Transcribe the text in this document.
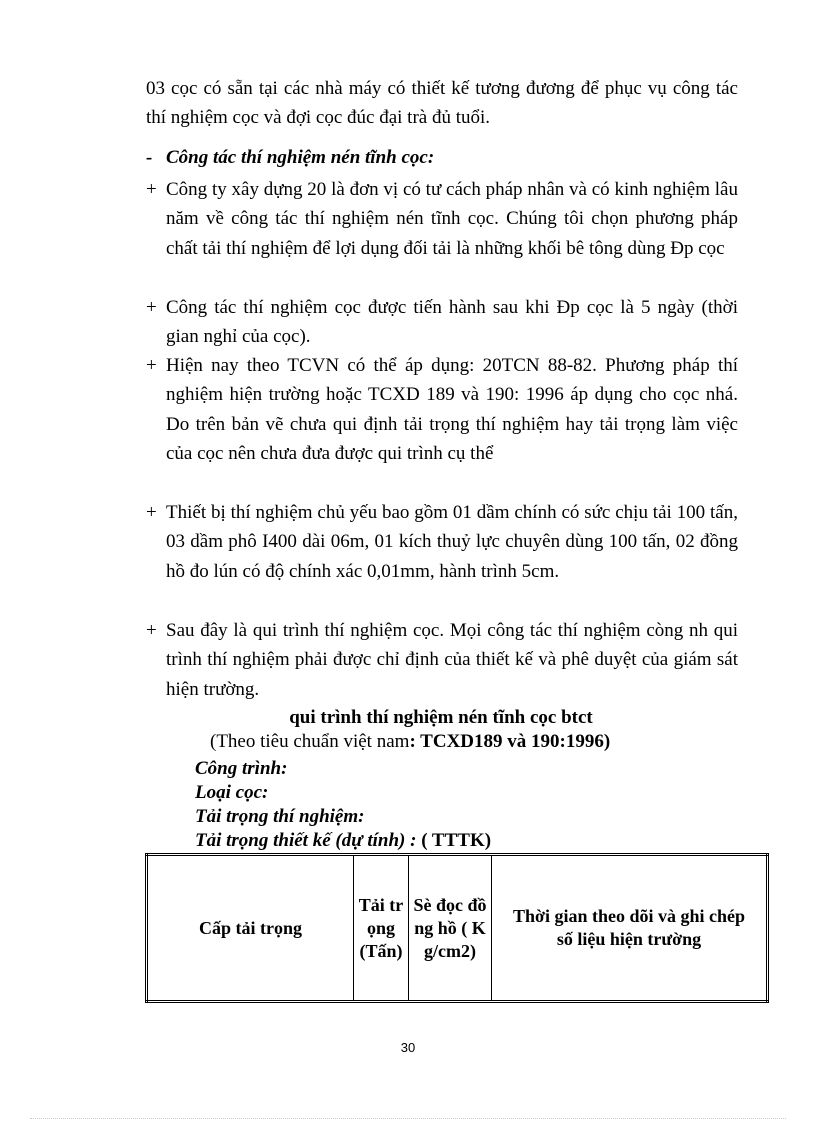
03 cọc có sẵn tại các nhà máy có thiết kế tương đương để phục vụ công tác thí nghiệm cọc và đợi cọc đúc đại trà đủ tuổi.

- Công tác thí nghiệm nén tĩnh cọc:
+ Công ty xây dựng 20 là đơn vị có tư cách pháp nhân và có kinh nghiệm lâu năm về công tác thí nghiệm nén tĩnh cọc. Chúng tôi chọn phương pháp chất tải thí nghiệm để lợi dụng đối tải là những khối bê tông dùng Đp cọc
+ Công tác thí nghiệm cọc được tiến hành sau khi Đp cọc là 5 ngày (thời gian nghỉ của cọc).
+ Hiện nay theo TCVN có thể áp dụng: 20TCN 88-82. Phương pháp thí nghiệm hiện trường hoặc TCXD 189 và 190: 1996 áp dụng cho cọc nhá. Do trên bản vẽ chưa qui định tải trọng thí nghiệm hay tải trọng làm việc của cọc nên chưa đưa được qui trình cụ thể
+ Thiết bị thí nghiệm chủ yếu bao gồm 01 dầm chính có sức chịu tải 100 tấn, 03 dầm phô I400 dài 06m, 01 kích thuỷ lực chuyên dùng 100 tấn, 02 đồng hồ đo lún có độ chính xác 0,01mm, hành trình 5cm.
+ Sau đây là qui trình thí nghiệm cọc. Mọi công tác thí nghiệm còng nh qui trình thí nghiệm phải được chỉ định của thiết kế và phê duyệt của giám sát hiện trường.
qui trình thí nghiệm nén tĩnh cọc btct
(Theo tiêu chuẩn việt nam: TCXD189 và 190:1996)
Công trình:
Loại cọc:
Tải trọng thí nghiệm:
Tải trọng thiết kế (dự tính) : ( TTTK)
Cấp tải trọng	Tải trọng (Tấn)	Sè đọc đồng hồ ( Kg/cm2)	Thời gian theo dõi và ghi chép số liệu hiện trường
30
